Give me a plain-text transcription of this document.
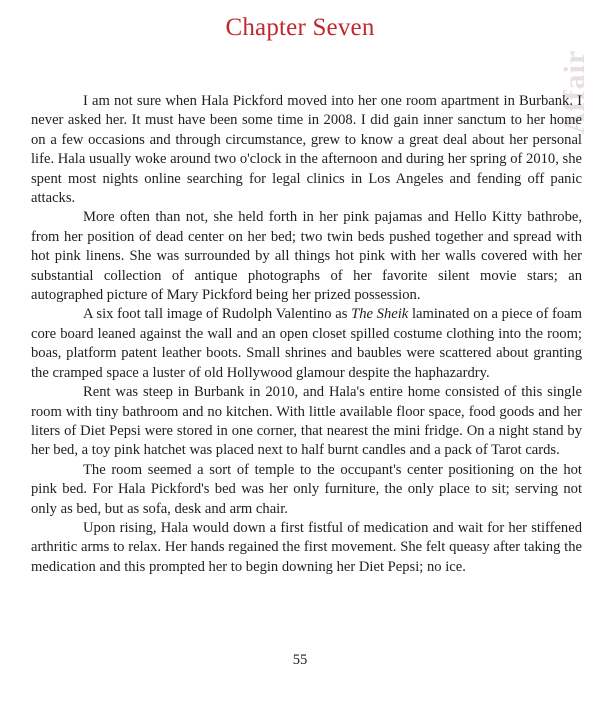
Affair
Chapter Seven

I am not sure when Hala Pickford moved into her one room apartment in Burbank. I never asked her. It must have been some time in 2008. I did gain inner sanctum to her home on a few occasions and through circumstance, grew to know a great deal about her personal life. Hala usually woke around two o'clock in the afternoon and during her spring of 2010, she spent most nights online searching for legal clinics in Los Angeles and fending off panic attacks.

More often than not, she held forth in her pink pajamas and Hello Kitty bathrobe, from her position of dead center on her bed; two twin beds pushed together and spread with hot pink linens. She was surrounded by all things hot pink with her walls covered with her substantial collection of antique photographs of her favorite silent movie stars; an autographed picture of Mary Pickford being her prized possession.

A six foot tall image of Rudolph Valentino as The Sheik laminated on a piece of foam core board leaned against the wall and an open closet spilled costume clothing into the room; boas, platform patent leather boots. Small shrines and baubles were scattered about granting the cramped space a luster of old Hollywood glamour despite the haphazardry.

Rent was steep in Burbank in 2010, and Hala's entire home consisted of this single room with tiny bathroom and no kitchen. With little available floor space, food goods and her liters of Diet Pepsi were stored in one corner, that nearest the mini fridge. On a night stand by her bed, a toy pink hatchet was placed next to half burnt candles and a pack of Tarot cards.

The room seemed a sort of temple to the occupant's center positioning on the hot pink bed. For Hala Pickford's bed was her only furniture, the only place to sit; serving not only as bed, but as sofa, desk and arm chair.

Upon rising, Hala would down a first fistful of medication and wait for her stiffened arthritic arms to relax. Her hands regained the first movement. She felt queasy after taking the medication and this prompted her to begin downing her Diet Pepsi; no ice.

55
